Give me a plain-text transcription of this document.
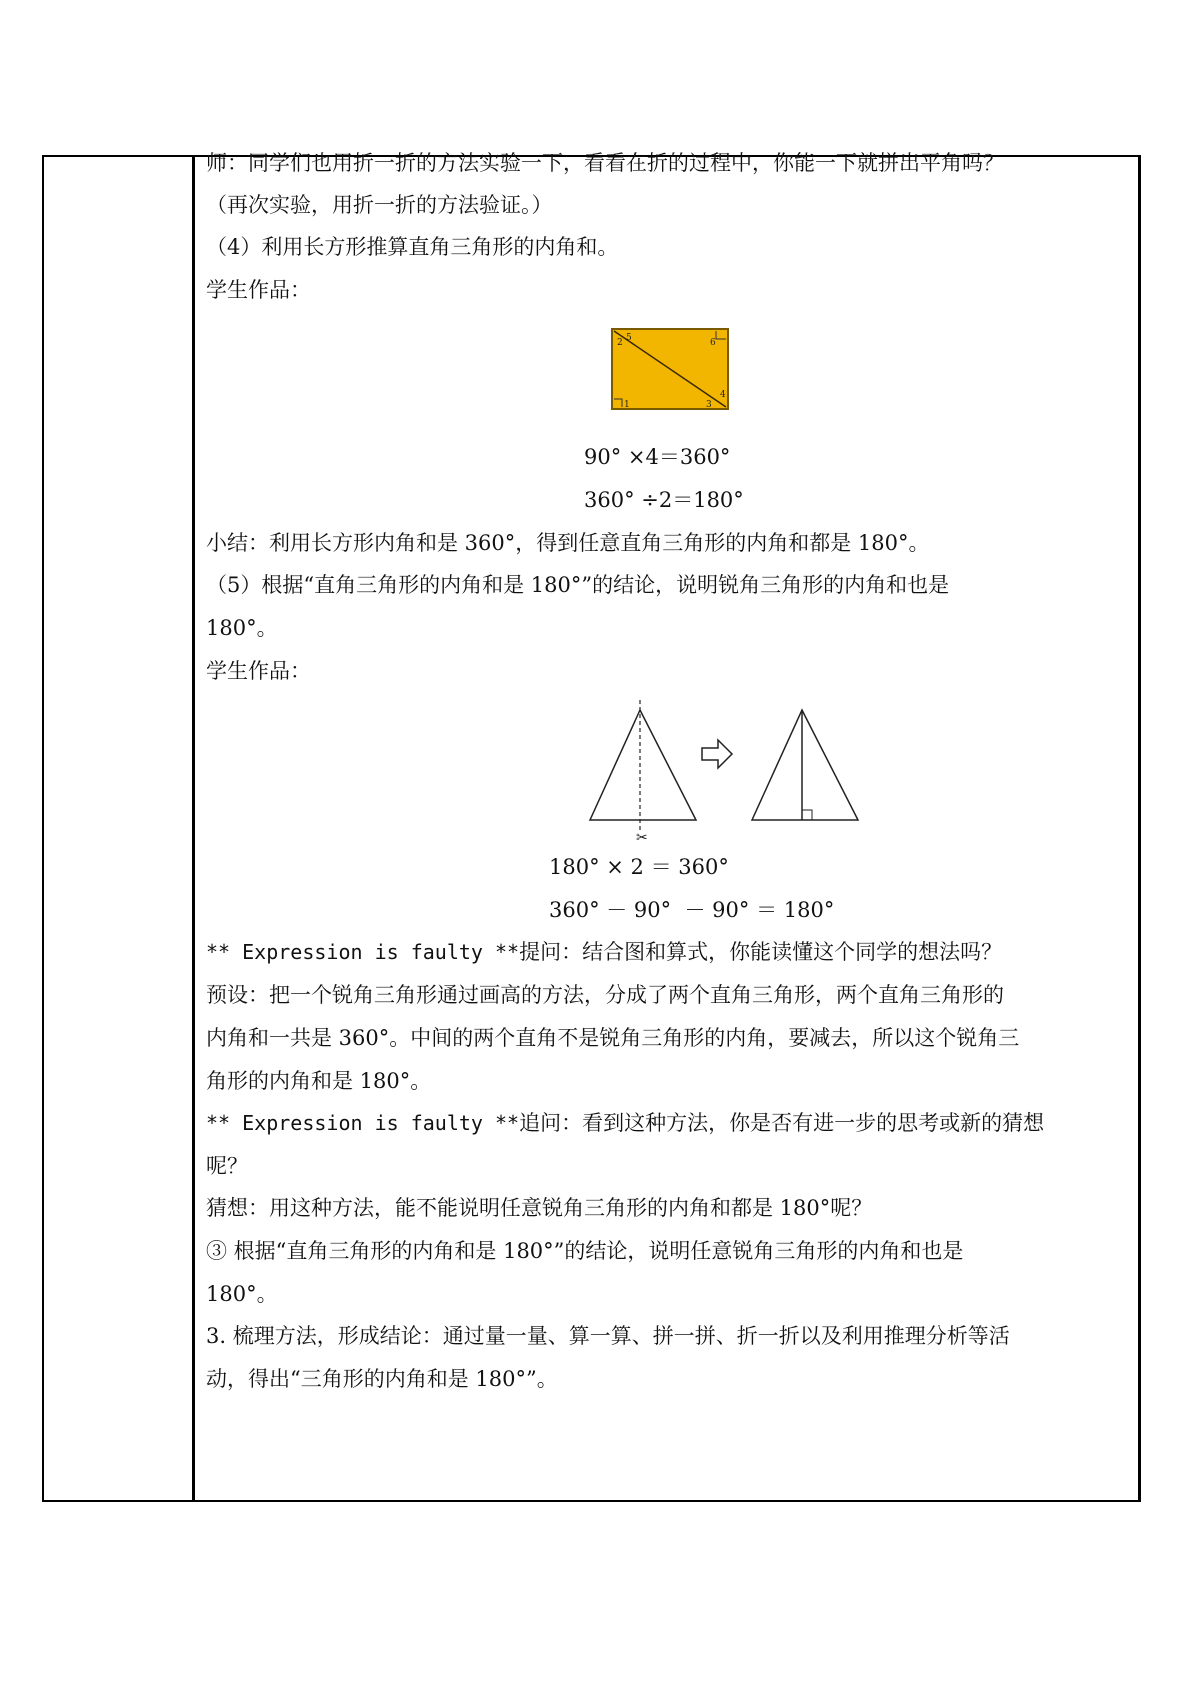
师：同学们也用折一折的方法实验一下，看看在折的过程中，你能一下就拼出平角吗？
（再次实验，用折一折的方法验证。）
（4）利用长方形推算直角三角形的内角和。
学生作品：
1
2
3
4
5	6
90° ×4＝360°
360° ÷2＝180°
小结：利用长方形内角和是 360°，得到任意直角三角形的内角和都是 180°。
（5）根据“直角三角形的内角和是 180°”的结论，说明锐角三角形的内角和也是
180°。
学生作品：
✂
180° × 2 ＝ 360°
360° － 90°  － 90° ＝ 180°
** Expression is faulty **提问：结合图和算式，你能读懂这个同学的想法吗？
预设：把一个锐角三角形通过画高的方法，分成了两个直角三角形，两个直角三角形的
内角和一共是 360°。中间的两个直角不是锐角三角形的内角，要减去，所以这个锐角三
角形的内角和是 180°。
** Expression is faulty **追问：看到这种方法，你是否有进一步的思考或新的猜想
呢？
猜想：用这种方法，能不能说明任意锐角三角形的内角和都是 180°呢？
③ 根据“直角三角形的内角和是 180°”的结论，说明任意锐角三角形的内角和也是
180°。
3. 梳理方法，形成结论：通过量一量、算一算、拼一拼、折一折以及利用推理分析等活
动，得出“三角形的内角和是 180°”。
